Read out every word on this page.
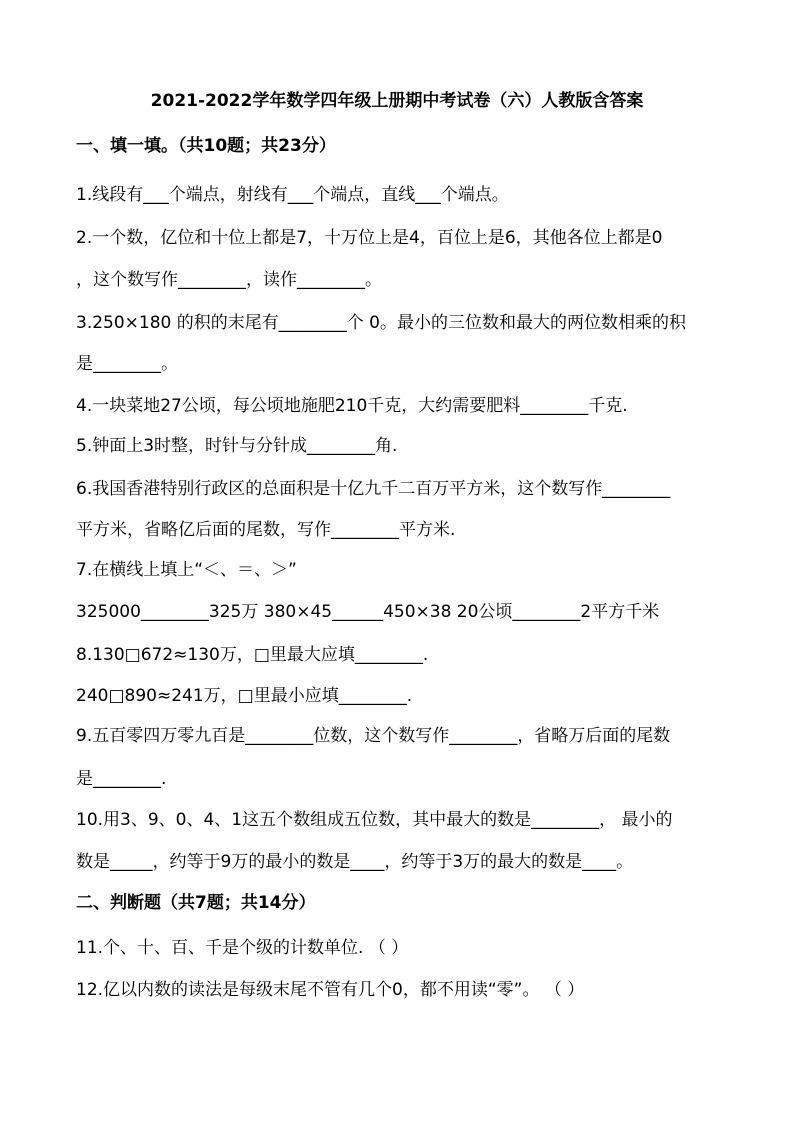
2021-2022学年数学四年级上册期中考试卷（六）人教版含答案
一、填一填。（共10题；共23分）
1.线段有___个端点，射线有___个端点，直线___个端点。
2.一个数，亿位和十位上都是7，十万位上是4，百位上是6，其他各位上都是0
，这个数写作________，读作________。
3.250×180 的积的末尾有________个 0。最小的三位数和最大的两位数相乘的积
是________。
4.一块菜地27公顷，每公顷地施肥210千克，大约需要肥料________千克.
5.钟面上3时整，时针与分针成________角.
6.我国香港特别行政区的总面积是十亿九千二百万平方米，这个数写作________
平方米，省略亿后面的尾数，写作________平方米.
7.在横线上填上“＜、＝、＞”
325000________325万 380×45______450×38 20公顷________2平方千米
8.130□672≈130万，□里最大应填________.
240□890≈241万，□里最小应填________.
9.五百零四万零九百是________位数，这个数写作________，省略万后面的尾数
是________.
10.用3、9、0、4、1这五个数组成五位数，其中最大的数是________， 最小的
数是_____，约等于9万的最小的数是____，约等于3万的最大的数是____。
二、判断题（共7题；共14分）
11.个、十、百、千是个级的计数单位. （ ）
12.亿以内数的读法是每级末尾不管有几个0，都不用读“零”。 （ ）
